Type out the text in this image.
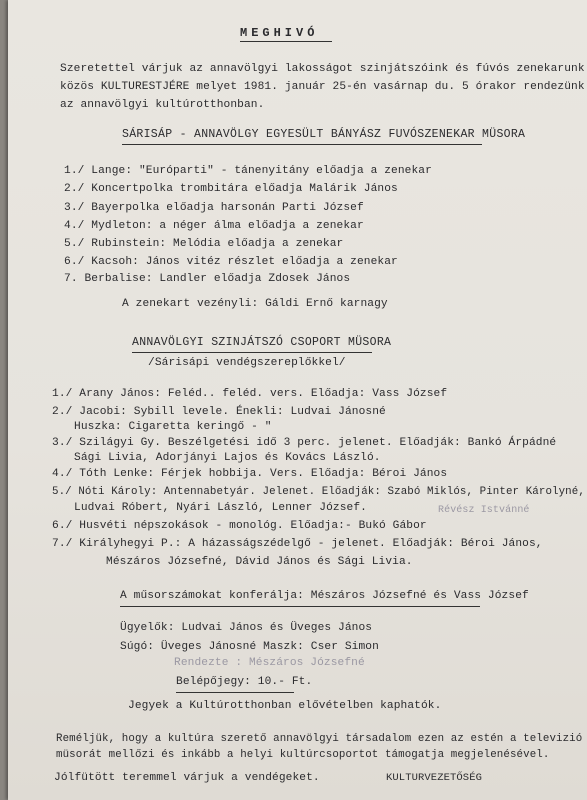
MEGHIVÓ
Szeretettel várjuk az annavölgyi lakosságot szinjátszóink és fúvós zenekarunk
közös KULTURESTJÉRE melyet 1981. január 25-én vasárnap du. 5 órakor rendezünk
az annavölgyi kultúrotthonban.
SÁRISÁP - ANNAVÖLGY EGYESÜLT BÁNYÁSZ FUVÓSZENEKAR MÜSORA
1./ Lange: "Európarti" - tánenyitány előadja a zenekar
2./ Koncertpolka trombitára előadja Malárik János
3./ Bayerpolka előadja harsonán Parti József
4./ Mydleton: a néger álma előadja a zenekar
5./ Rubinstein: Melódia előadja a zenekar
6./ Kacsoh: János vitéz részlet előadja a zenekar
7. Berbalise: Landler előadja Zdosek János
A zenekart vezényli: Gáldi Ernő karnagy
ANNAVÖLGYI SZINJÁTSZÓ CSOPORT MÜSORA
/Sárisápi vendégszereplőkkel/
1./ Arany János: Feléd.. feléd. vers. Előadja: Vass József
2./ Jacobi: Sybill levele. Énekli: Ludvai Jánosné
Huszka: Cigaretta keringő - "
3./ Szilágyi Gy. Beszélgetési idő 3 perc. jelenet. Előadják: Bankó Árpádné
Sági Livia, Adorjányi Lajos és Kovács László.
4./ Tóth Lenke: Férjek hobbija. Vers. Előadja: Béroi János
5./ Nóti Károly: Antennabetyár. Jelenet. Előadják: Szabó Miklós, Pinter Károlyné,
Ludvai Róbert, Nyári László, Lenner József.	Révész Istvánné
6./ Husvéti népszokások - monológ. Előadja:- Bukó Gábor
7./ Királyhegyi P.: A házasságszédelgő - jelenet. Előadják: Béroi János,
Mészáros Józsefné, Dávid János és Sági Livia.
A műsorszámokat konferálja: Mészáros Józsefné és Vass József
Ügyelők: Ludvai János és Üveges János
Súgó: Üveges Jánosné Maszk: Cser Simon
Rendezte : Mészáros Józsefné
Belépőjegy: 10.- Ft.
Jegyek a Kultúrotthonban elővételben kaphatók.
Reméljük, hogy a kultúra szerető annavölgyi társadalom ezen az estén a televizió
müsorát mellőzi és inkább a helyi kultúrcsoportot támogatja megjelenésével.
Jólfütött teremmel várjuk a vendégeket.	KULTURVEZETŐSÉG
